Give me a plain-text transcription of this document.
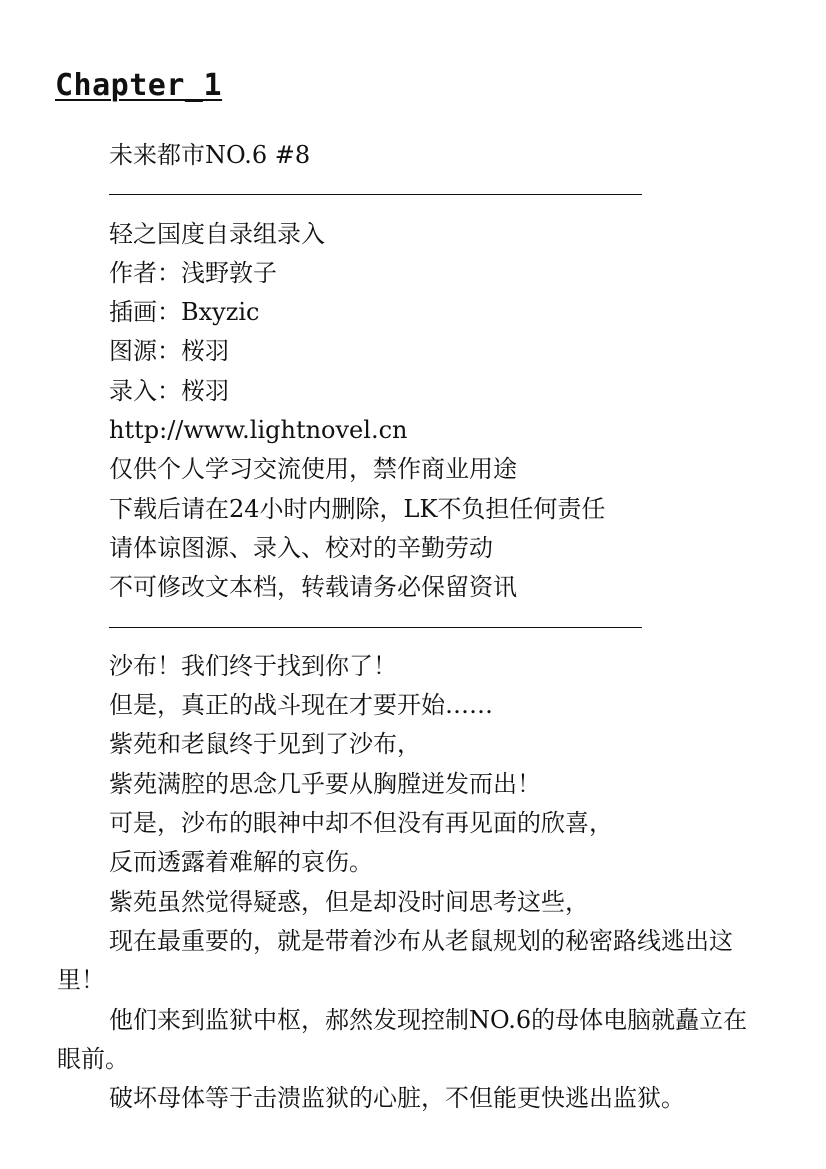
Chapter_1

未来都市NO.6 #8

轻之国度自录组录入

作者：浅野敦子

插画：Bxyzic

图源：桜羽

录入：桜羽

http://www.lightnovel.cn

仅供个人学习交流使用，禁作商业用途

下载后请在24小时内删除，LK不负担任何责任

请体谅图源、录入、校对的辛勤劳动

不可修改文本档，转载请务必保留资讯

沙布！我们终于找到你了！

但是，真正的战斗现在才要开始……

紫苑和老鼠终于见到了沙布，

紫苑满腔的思念几乎要从胸膛迸发而出！

可是，沙布的眼神中却不但没有再见面的欣喜，

反而透露着难解的哀伤。

紫苑虽然觉得疑惑，但是却没时间思考这些，

现在最重要的，就是带着沙布从老鼠规划的秘密路线逃出这里！

他们来到监狱中枢，郝然发现控制NO.6的母体电脑就矗立在眼前。

破坏母体等于击溃监狱的心脏，不但能更快逃出监狱。
